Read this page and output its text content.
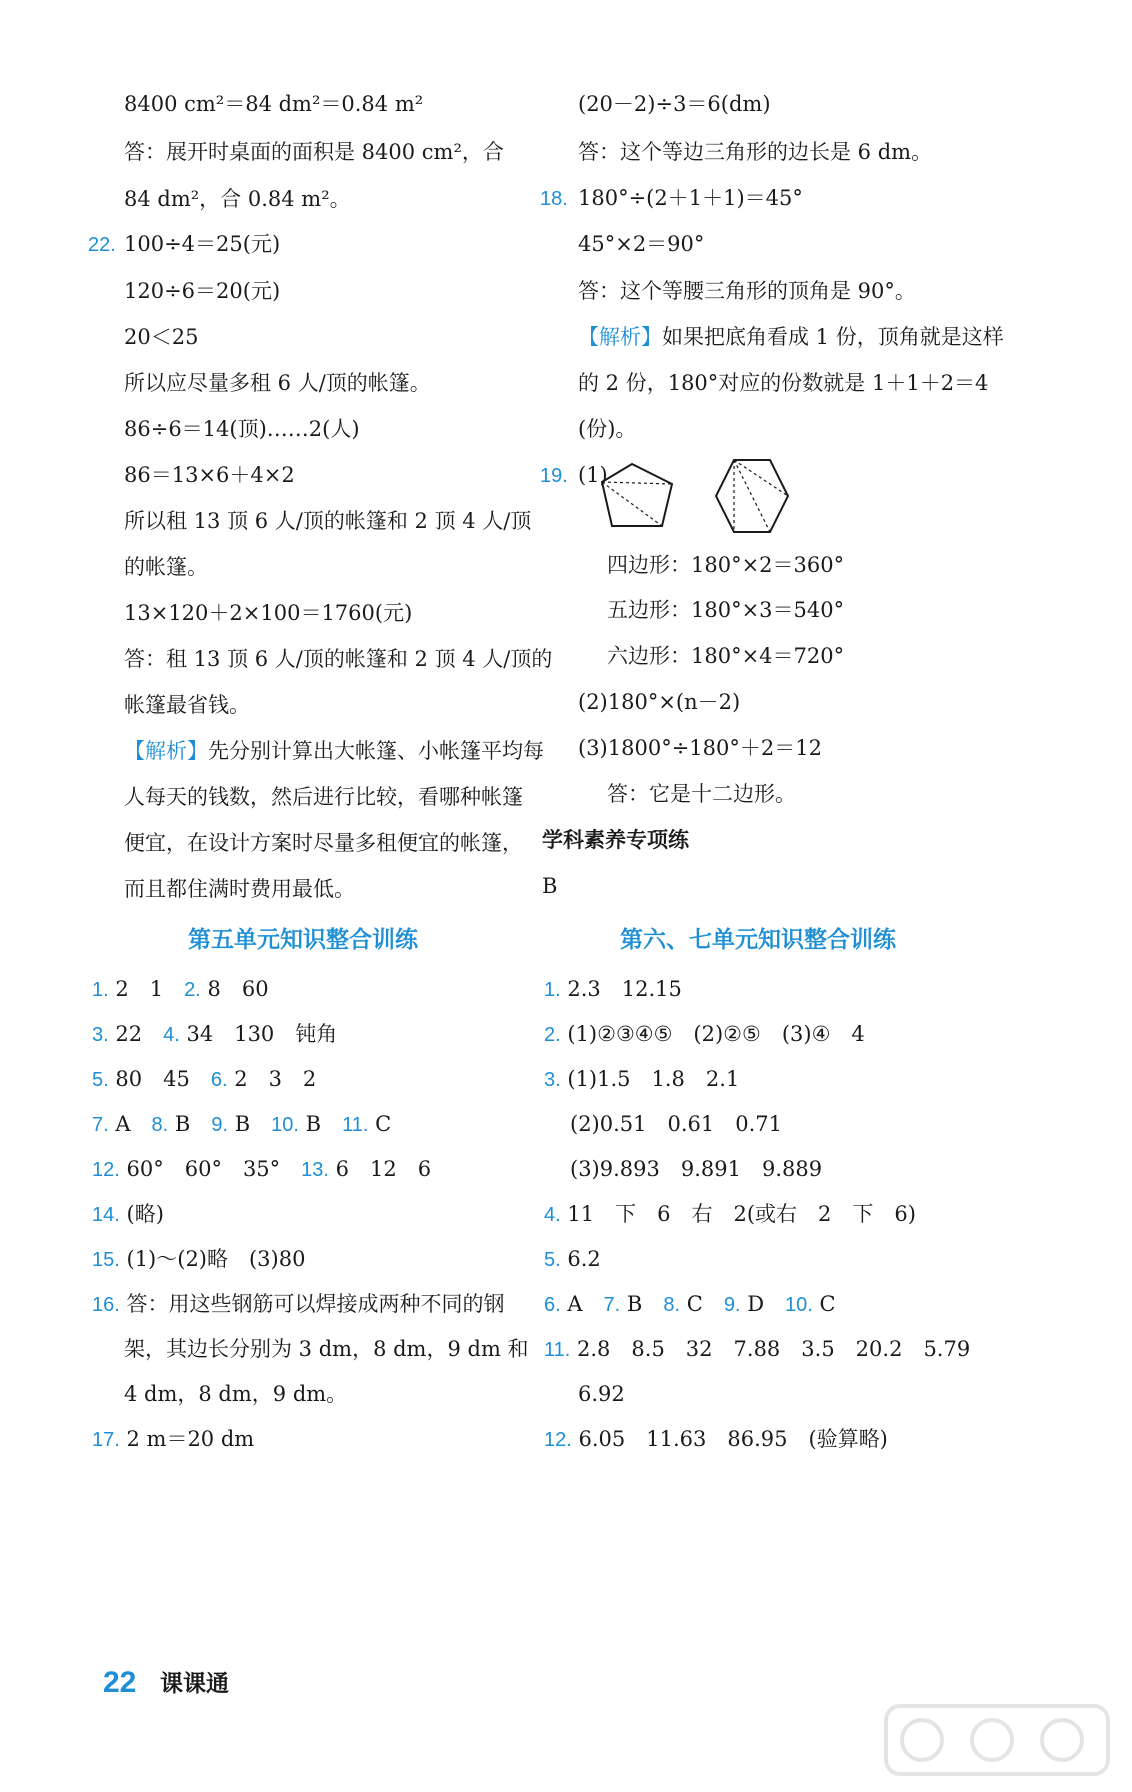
8400 cm²＝84 dm²＝0.84 m²
答：展开时桌面的面积是 8400 cm²，合
84 dm²，合 0.84 m²。
22. 100÷4＝25(元)
120÷6＝20(元)
20＜25
所以应尽量多租 6 人/顶的帐篷。
86÷6＝14(顶)……2(人)
86＝13×6＋4×2
所以租 13 顶 6 人/顶的帐篷和 2 顶 4 人/顶
的帐篷。
13×120＋2×100＝1760(元)
答：租 13 顶 6 人/顶的帐篷和 2 顶 4 人/顶的
帐篷最省钱。
【解析】先分别计算出大帐篷、小帐篷平均每
人每天的钱数，然后进行比较，看哪种帐篷
便宜，在设计方案时尽量多租便宜的帐篷，
而且都住满时费用最低。
第五单元知识整合训练
1. 2　1　 2. 8　60
3. 22　 4. 34　130　钝角
5. 80　45　 6. 2　3　2
7. A　 8. B　 9. B　 10. B　 11. C
12. 60°　60°　35°　 13. 6　12　6
14. (略)
15. (1)～(2)略　(3)80
16. 答：用这些钢筋可以焊接成两种不同的钢
架，其边长分别为 3 dm，8 dm，9 dm 和
4 dm，8 dm，9 dm。
17. 2 m＝20 dm
(20－2)÷3＝6(dm)
答：这个等边三角形的边长是 6 dm。
18. 180°÷(2＋1＋1)＝45°
45°×2＝90°
答：这个等腰三角形的顶角是 90°。
【解析】如果把底角看成 1 份，顶角就是这样
的 2 份，180°对应的份数就是 1＋1＋2＝4
(份)。
19. (1)
四边形：180°×2＝360°
五边形：180°×3＝540°
六边形：180°×4＝720°
(2)180°×(n－2)
(3)1800°÷180°＋2＝12
答：它是十二边形。
学科素养专项练
B
第六、七单元知识整合训练
1. 2.3　12.15
2. (1)②③④⑤　(2)②⑤　(3)④　4
3. (1)1.5　1.8　2.1
(2)0.51　0.61　0.71
(3)9.893　9.891　9.889
4. 11　下　6　右　2(或右　2　下　6)
5. 6.2
6. A　 7. B　 8. C　 9. D　 10. C
11. 2.8　8.5　32　7.88　3.5　20.2　5.79
6.92
12. 6.05　11.63　86.95　(验算略)
22 课课通
